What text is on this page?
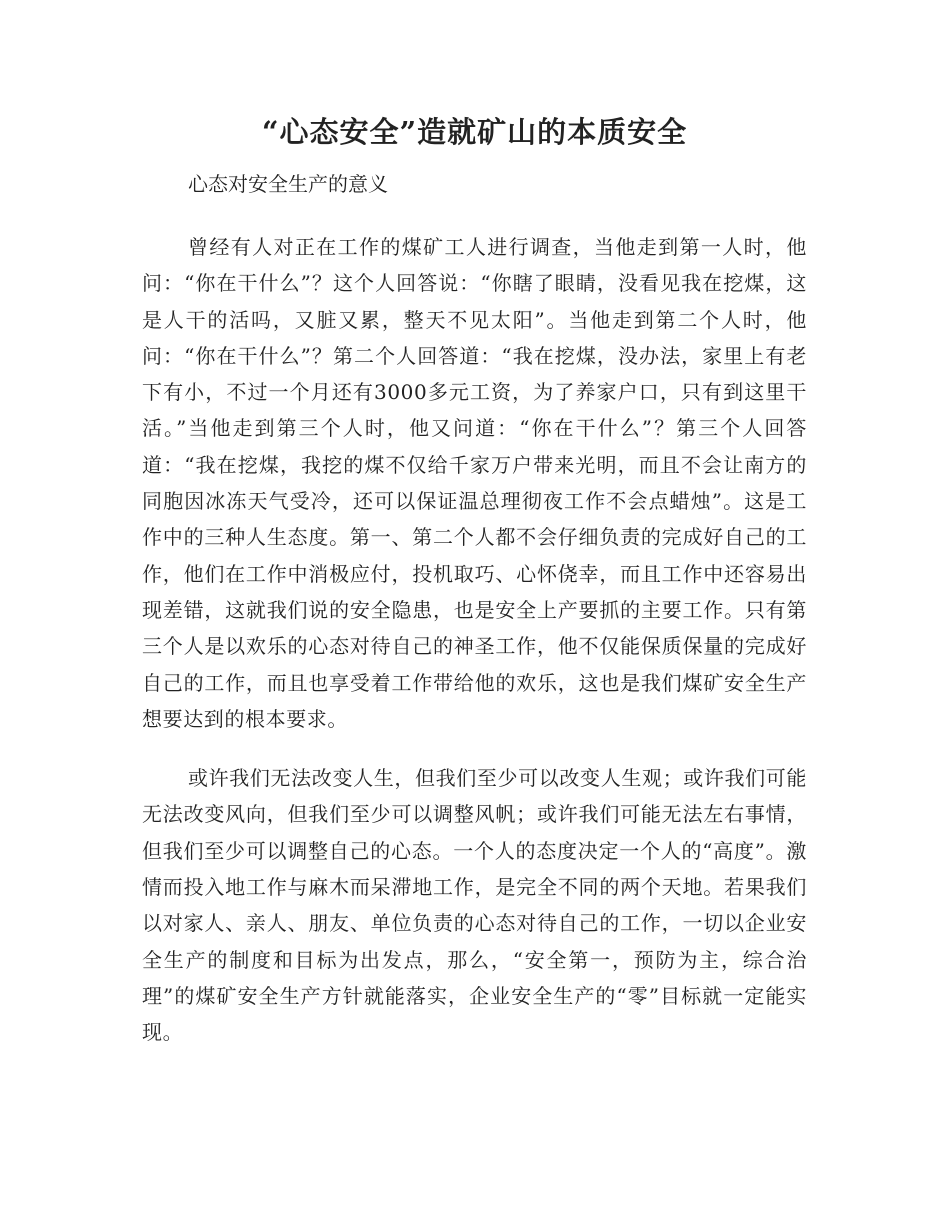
“心态安全”造就矿山的本质安全

心态对安全生产的意义

曾经有人对正在工作的煤矿工人进行调查，当他走到第一人时，他问：“你在干什么”？这个人回答说：“你瞎了眼睛，没看见我在挖煤，这是人干的活吗，又脏又累，整天不见太阳”。当他走到第二个人时，他问：“你在干什么”？第二个人回答道：“我在挖煤，没办法，家里上有老下有小，不过一个月还有3000多元工资，为了养家户口，只有到这里干活。”当他走到第三个人时，他又问道：“你在干什么”？第三个人回答道：“我在挖煤，我挖的煤不仅给千家万户带来光明，而且不会让南方的同胞因冰冻天气受冷，还可以保证温总理彻夜工作不会点蜡烛”。这是工作中的三种人生态度。第一、第二个人都不会仔细负责的完成好自己的工作，他们在工作中消极应付，投机取巧、心怀侥幸，而且工作中还容易出现差错，这就我们说的安全隐患，也是安全上产要抓的主要工作。只有第三个人是以欢乐的心态对待自己的神圣工作，他不仅能保质保量的完成好自己的工作，而且也享受着工作带给他的欢乐，这也是我们煤矿安全生产想要达到的根本要求。

或许我们无法改变人生，但我们至少可以改变人生观；或许我们可能无法改变风向，但我们至少可以调整风帆；或许我们可能无法左右事情，但我们至少可以调整自己的心态。一个人的态度决定一个人的“高度”。激情而投入地工作与麻木而呆滞地工作，是完全不同的两个天地。若果我们以对家人、亲人、朋友、单位负责的心态对待自己的工作，一切以企业安全生产的制度和目标为出发点，那么，“安全第一，预防为主，综合治理”的煤矿安全生产方针就能落实，企业安全生产的“零”目标就一定能实现。
